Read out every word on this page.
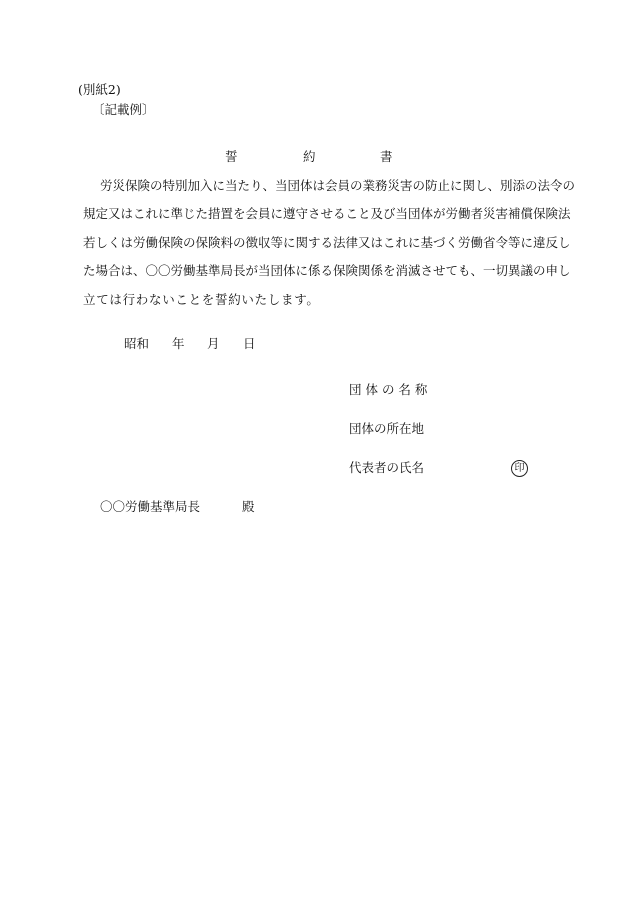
(別紙2)
〔記載例〕
誓	約	書
労災保険の特別加入に当たり、当団体は会員の業務災害の防止に関し、別添の法令の
規定又はこれに準じた措置を会員に遵守させること及び当団体が労働者災害補償保険法
若しくは労働保険の保険料の徴収等に関する法律又はこれに基づく労働省令等に違反し
た場合は、〇〇労働基準局長が当団体に係る保険関係を消滅させても、一切異議の申し
立ては行わないことを誓約いたします。
昭和 年 月 日
団 体 の 名 称
団体の所在地
代表者の氏名	印
〇〇労働基準局長	殿
